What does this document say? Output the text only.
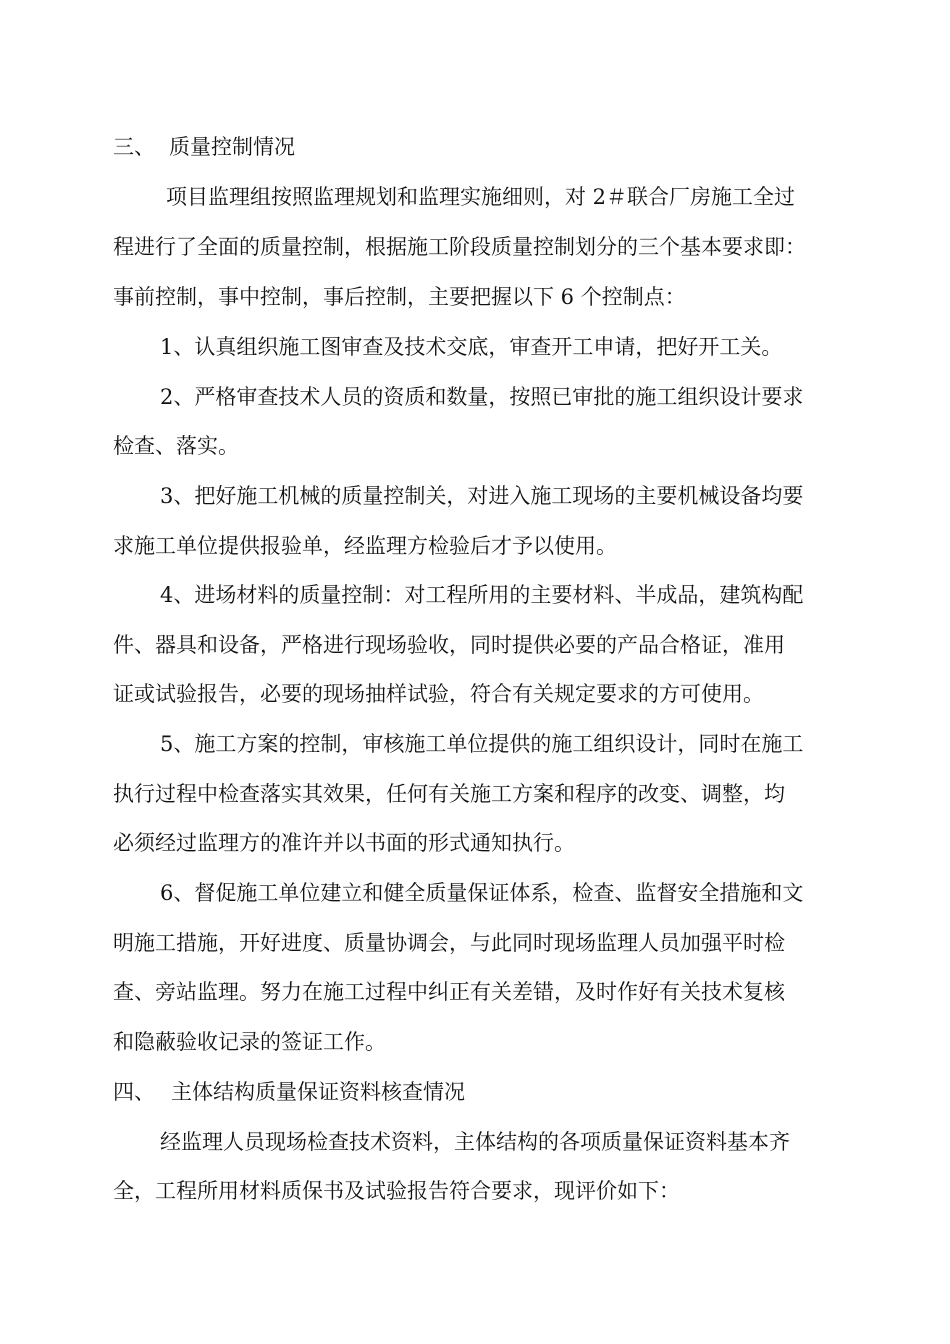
三、 质量控制情况
项目监理组按照监理规划和监理实施细则，对 2＃联合厂房施工全过
程进行了全面的质量控制，根据施工阶段质量控制划分的三个基本要求即：
事前控制，事中控制，事后控制，主要把握以下 6 个控制点：
1、认真组织施工图审查及技术交底，审查开工申请，把好开工关。
2、严格审查技术人员的资质和数量，按照已审批的施工组织设计要求
检查、落实。
3、把好施工机械的质量控制关，对进入施工现场的主要机械设备均要
求施工单位提供报验单，经监理方检验后才予以使用。
4、进场材料的质量控制：对工程所用的主要材料、半成品，建筑构配
件、器具和设备，严格进行现场验收，同时提供必要的产品合格证，准用
证或试验报告，必要的现场抽样试验，符合有关规定要求的方可使用。
5、施工方案的控制，审核施工单位提供的施工组织设计，同时在施工
执行过程中检查落实其效果，任何有关施工方案和程序的改变、调整，均
必须经过监理方的准许并以书面的形式通知执行。
6、督促施工单位建立和健全质量保证体系，检查、监督安全措施和文
明施工措施，开好进度、质量协调会，与此同时现场监理人员加强平时检
查、旁站监理。努力在施工过程中纠正有关差错，及时作好有关技术复核
和隐蔽验收记录的签证工作。
四、 主体结构质量保证资料核查情况
经监理人员现场检查技术资料，主体结构的各项质量保证资料基本齐
全，工程所用材料质保书及试验报告符合要求，现评价如下：
